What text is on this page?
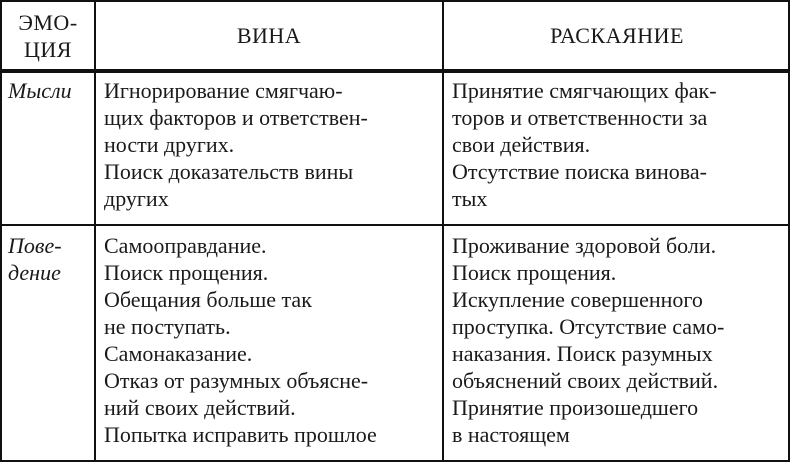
ЭМО-
ЦИЯ
ВИНА	РАСКАЯНИЕ
Мысли	Игнорирование смягчаю-
щих факторов и ответствен-
ности других.
Поиск доказательств вины
других
Принятие смягчающих фак-
торов и ответственности за
свои действия.
Отсутствие поиска винова-
тых
Пове-
дение
Самооправдание.
Поиск прощения.
Обещания больше так
не поступать.
Самонаказание.
Отказ от разумных объясне-
ний своих действий.
Попытка исправить прошлое
Проживание здоровой боли.
Поиск прощения.
Искупление совершенного
проступка. Отсутствие само-
наказания. Поиск разумных
объяснений своих действий.
Принятие произошедшего
в настоящем
